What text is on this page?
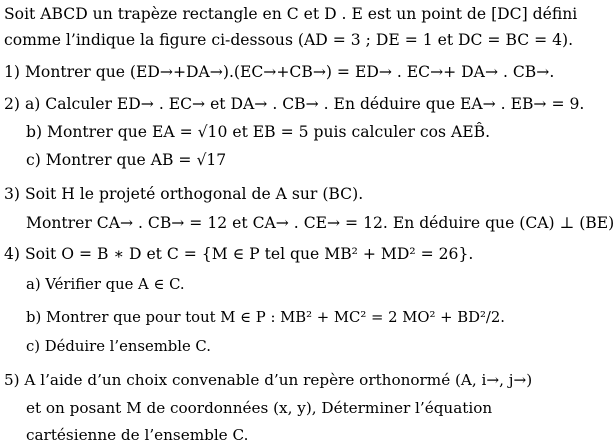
Soit ABCD un trapèze rectangle en C et D . E est un point de [DC] défini
comme l’indique la figure ci-dessous (AD = 3 ; DE = 1 et DC = BC = 4).
1) Montrer que (ED→+DA→).(EC→+CB→) = ED→ . EC→+ DA→ . CB→.
2) a) Calculer ED→ . EC→ et DA→ . CB→ . En déduire que EA→ . EB→ = 9.
b) Montrer que EA = √10 et EB = 5 puis calculer cos AEB̂.
c) Montrer que AB = √17
3) Soit H le projeté orthogonal de A sur (BC).
Montrer CA→ . CB→ = 12 et CA→ . CE→ = 12. En déduire que (CA) ⊥ (BE)
4) Soit O = B ∗ D et C = {M ∈ P tel que MB² + MD² = 26}.
a) Vérifier que A ∈ C.
b) Montrer que pour tout M ∈ P : MB² + MC² = 2 MO² + BD²/2.
c) Déduire l’ensemble C.
5) A l’aide d’un choix convenable d’un repère orthonormé (A, i→, j→)
et on posant M de coordonnées (x, y), Déterminer l’équation
cartésienne de l’ensemble C.
